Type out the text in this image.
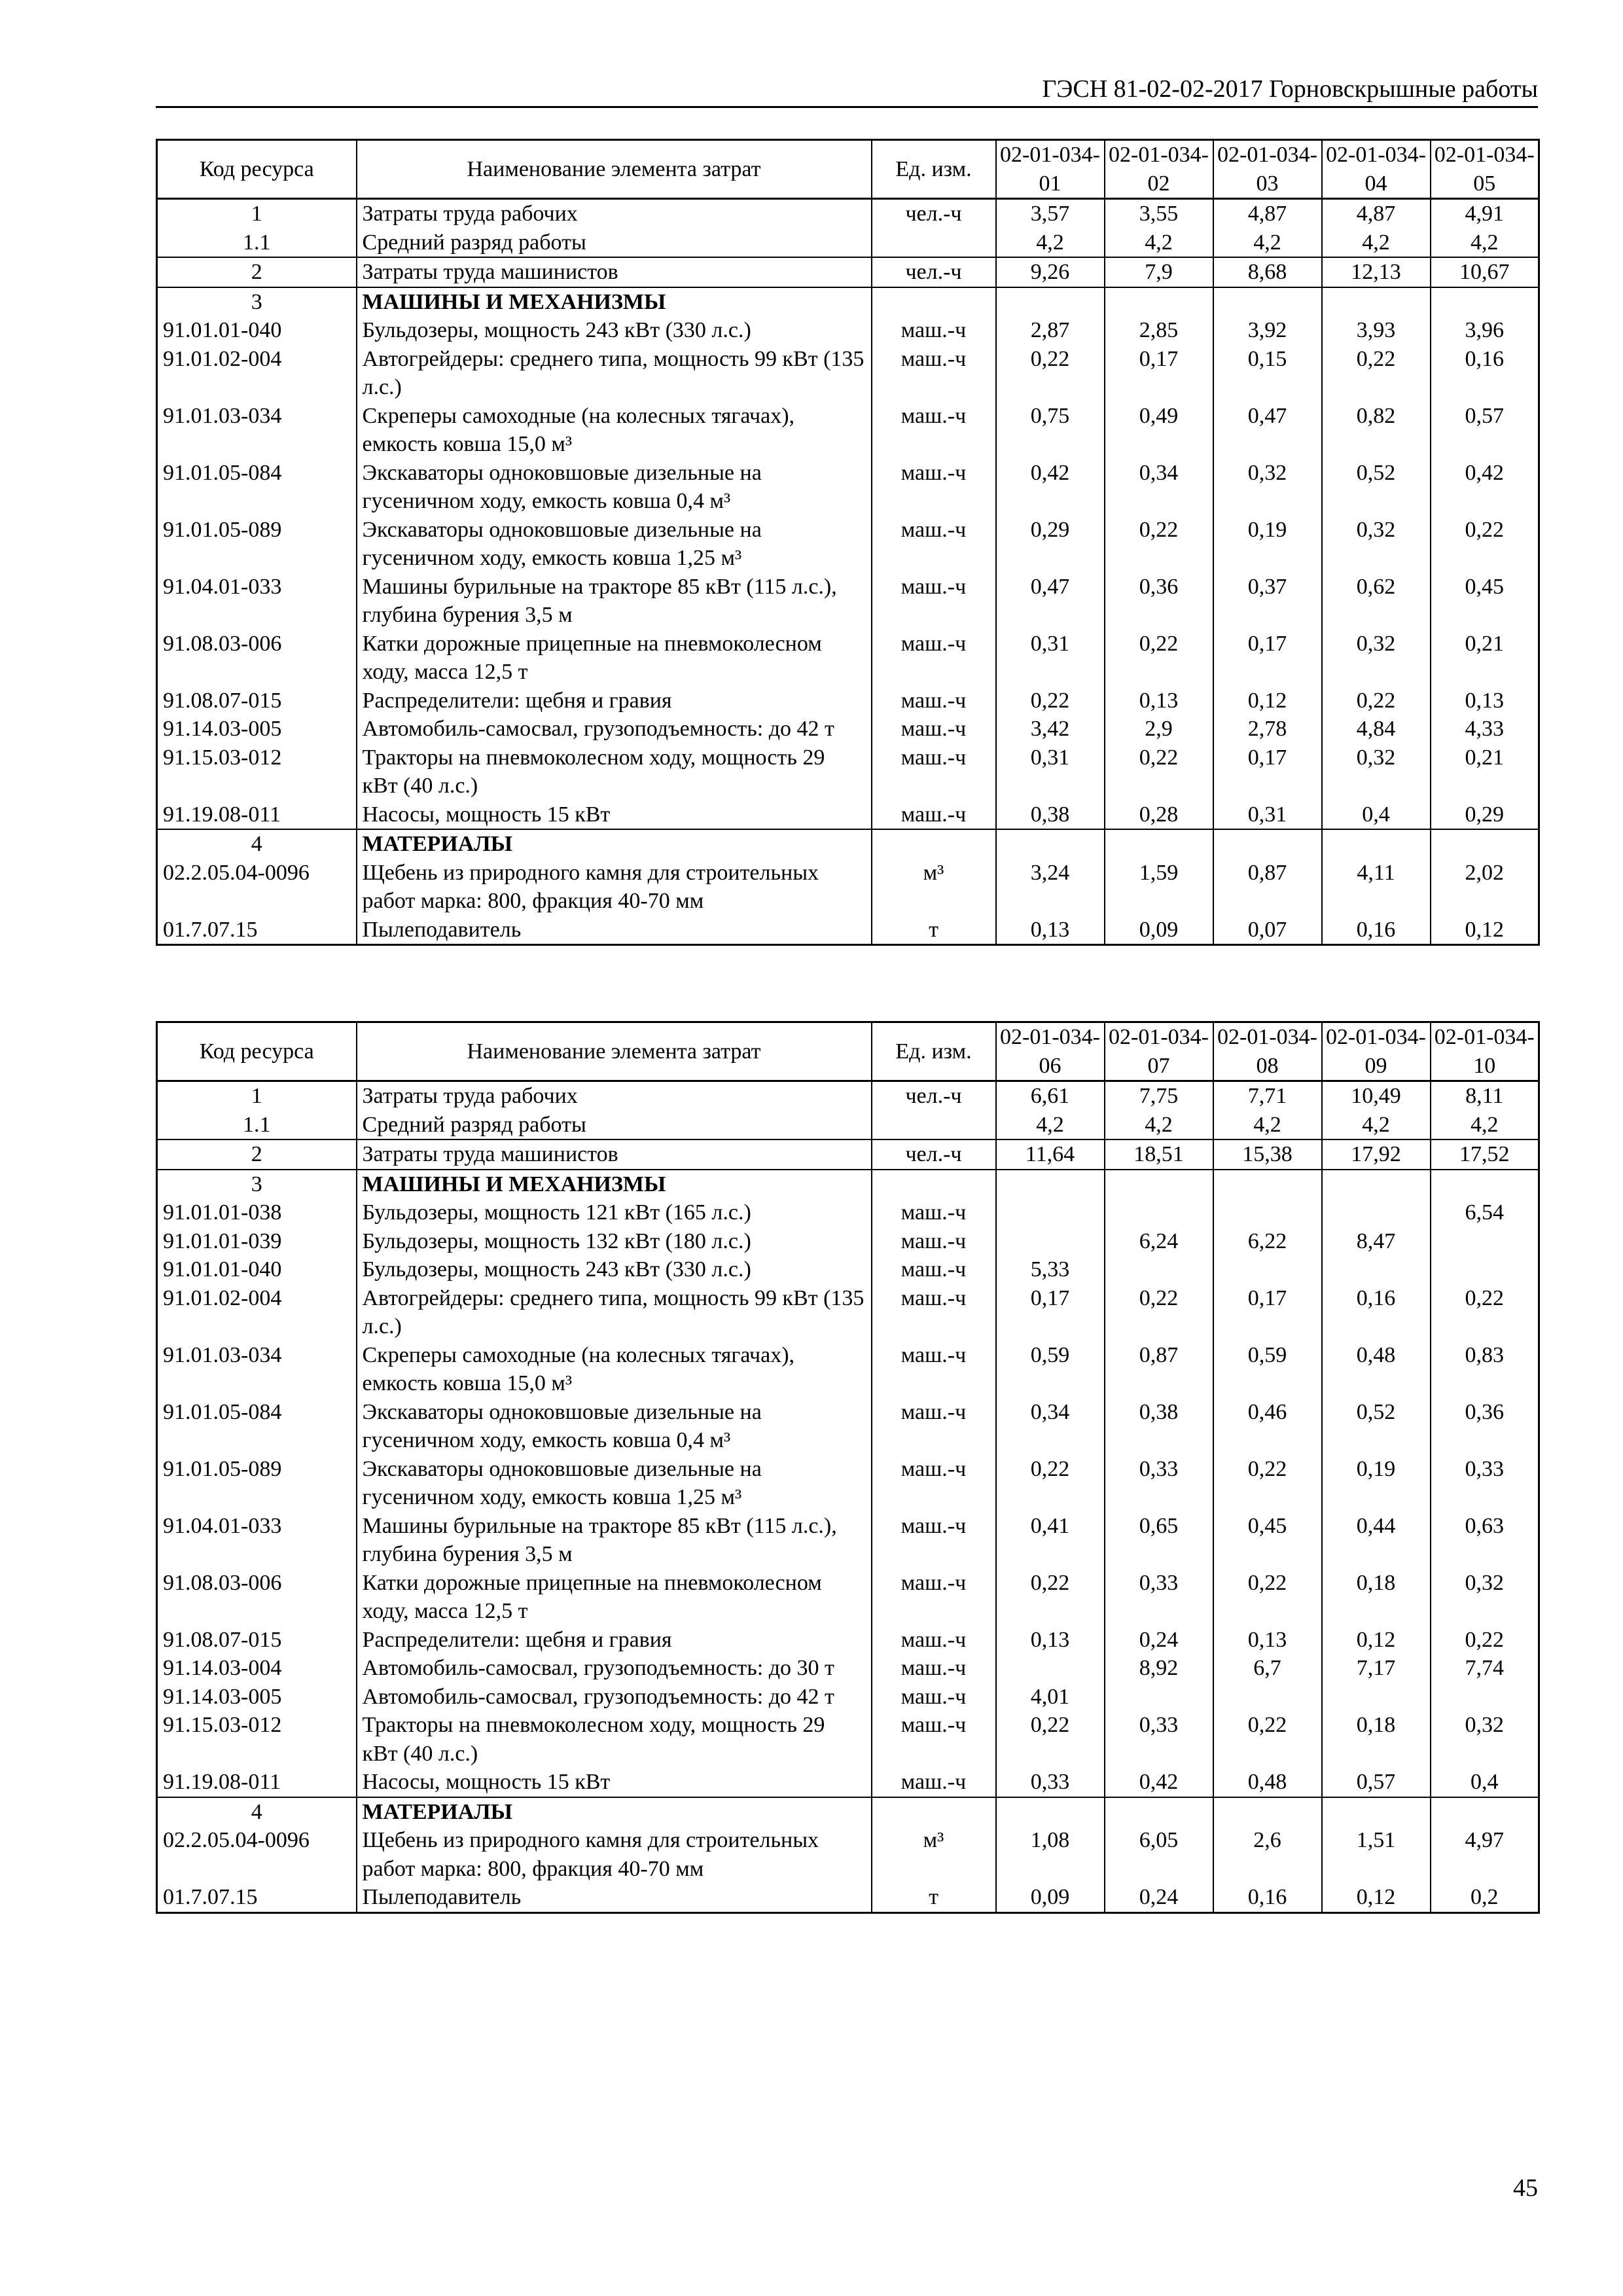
ГЭСН 81-02-02-2017 Горновскрышные работы
Код ресурса	Наименование элемента затрат	Ед. изм.	02-01-034-01	02-01-034-02	02-01-034-03	02-01-034-04	02-01-034-05
1	Затраты труда рабочих	чел.-ч	3,57	3,55	4,87	4,87	4,91
1.1	Средний разряд работы		4,2	4,2	4,2	4,2	4,2
2	Затраты труда машинистов	чел.-ч	9,26	7,9	8,68	12,13	10,67
3	МАШИНЫ И МЕХАНИЗМЫ						
91.01.01-040	Бульдозеры, мощность 243 кВт (330 л.с.)	маш.-ч	2,87	2,85	3,92	3,93	3,96
91.01.02-004	Автогрейдеры: среднего типа, мощность 99 кВт (135 л.с.)	маш.-ч	0,22	0,17	0,15	0,22	0,16
91.01.03-034	Скреперы самоходные (на колесных тягачах), емкость ковша 15,0 м³	маш.-ч	0,75	0,49	0,47	0,82	0,57
91.01.05-084	Экскаваторы одноковшовые дизельные на гусеничном ходу, емкость ковша 0,4 м³	маш.-ч	0,42	0,34	0,32	0,52	0,42
91.01.05-089	Экскаваторы одноковшовые дизельные на гусеничном ходу, емкость ковша 1,25 м³	маш.-ч	0,29	0,22	0,19	0,32	0,22
91.04.01-033	Машины бурильные на тракторе 85 кВт (115 л.с.), глубина бурения 3,5 м	маш.-ч	0,47	0,36	0,37	0,62	0,45
91.08.03-006	Катки дорожные прицепные на пневмоколесном ходу, масса 12,5 т	маш.-ч	0,31	0,22	0,17	0,32	0,21
91.08.07-015	Распределители: щебня и гравия	маш.-ч	0,22	0,13	0,12	0,22	0,13
91.14.03-005	Автомобиль-самосвал, грузоподъемность: до 42 т	маш.-ч	3,42	2,9	2,78	4,84	4,33
91.15.03-012	Тракторы на пневмоколесном ходу, мощность 29 кВт (40 л.с.)	маш.-ч	0,31	0,22	0,17	0,32	0,21
91.19.08-011	Насосы, мощность 15 кВт	маш.-ч	0,38	0,28	0,31	0,4	0,29
4	МАТЕРИАЛЫ						
02.2.05.04-0096	Щебень из природного камня для строительных работ марка: 800, фракция 40-70 мм	м³	3,24	1,59	0,87	4,11	2,02
01.7.07.15	Пылеподавитель	т	0,13	0,09	0,07	0,16	0,12
Код ресурса	Наименование элемента затрат	Ед. изм.	02-01-034-06	02-01-034-07	02-01-034-08	02-01-034-09	02-01-034-10
1	Затраты труда рабочих	чел.-ч	6,61	7,75	7,71	10,49	8,11
1.1	Средний разряд работы		4,2	4,2	4,2	4,2	4,2
2	Затраты труда машинистов	чел.-ч	11,64	18,51	15,38	17,92	17,52
3	МАШИНЫ И МЕХАНИЗМЫ						
91.01.01-038	Бульдозеры, мощность 121 кВт (165 л.с.)	маш.-ч					6,54
91.01.01-039	Бульдозеры, мощность 132 кВт (180 л.с.)	маш.-ч		6,24	6,22	8,47	
91.01.01-040	Бульдозеры, мощность 243 кВт (330 л.с.)	маш.-ч	5,33				
91.01.02-004	Автогрейдеры: среднего типа, мощность 99 кВт (135 л.с.)	маш.-ч	0,17	0,22	0,17	0,16	0,22
91.01.03-034	Скреперы самоходные (на колесных тягачах), емкость ковша 15,0 м³	маш.-ч	0,59	0,87	0,59	0,48	0,83
91.01.05-084	Экскаваторы одноковшовые дизельные на гусеничном ходу, емкость ковша 0,4 м³	маш.-ч	0,34	0,38	0,46	0,52	0,36
91.01.05-089	Экскаваторы одноковшовые дизельные на гусеничном ходу, емкость ковша 1,25 м³	маш.-ч	0,22	0,33	0,22	0,19	0,33
91.04.01-033	Машины бурильные на тракторе 85 кВт (115 л.с.), глубина бурения 3,5 м	маш.-ч	0,41	0,65	0,45	0,44	0,63
91.08.03-006	Катки дорожные прицепные на пневмоколесном ходу, масса 12,5 т	маш.-ч	0,22	0,33	0,22	0,18	0,32
91.08.07-015	Распределители: щебня и гравия	маш.-ч	0,13	0,24	0,13	0,12	0,22
91.14.03-004	Автомобиль-самосвал, грузоподъемность: до 30 т	маш.-ч		8,92	6,7	7,17	7,74
91.14.03-005	Автомобиль-самосвал, грузоподъемность: до 42 т	маш.-ч	4,01				
91.15.03-012	Тракторы на пневмоколесном ходу, мощность 29 кВт (40 л.с.)	маш.-ч	0,22	0,33	0,22	0,18	0,32
91.19.08-011	Насосы, мощность 15 кВт	маш.-ч	0,33	0,42	0,48	0,57	0,4
4	МАТЕРИАЛЫ						
02.2.05.04-0096	Щебень из природного камня для строительных работ марка: 800, фракция 40-70 мм	м³	1,08	6,05	2,6	1,51	4,97
01.7.07.15	Пылеподавитель	т	0,09	0,24	0,16	0,12	0,2
45
